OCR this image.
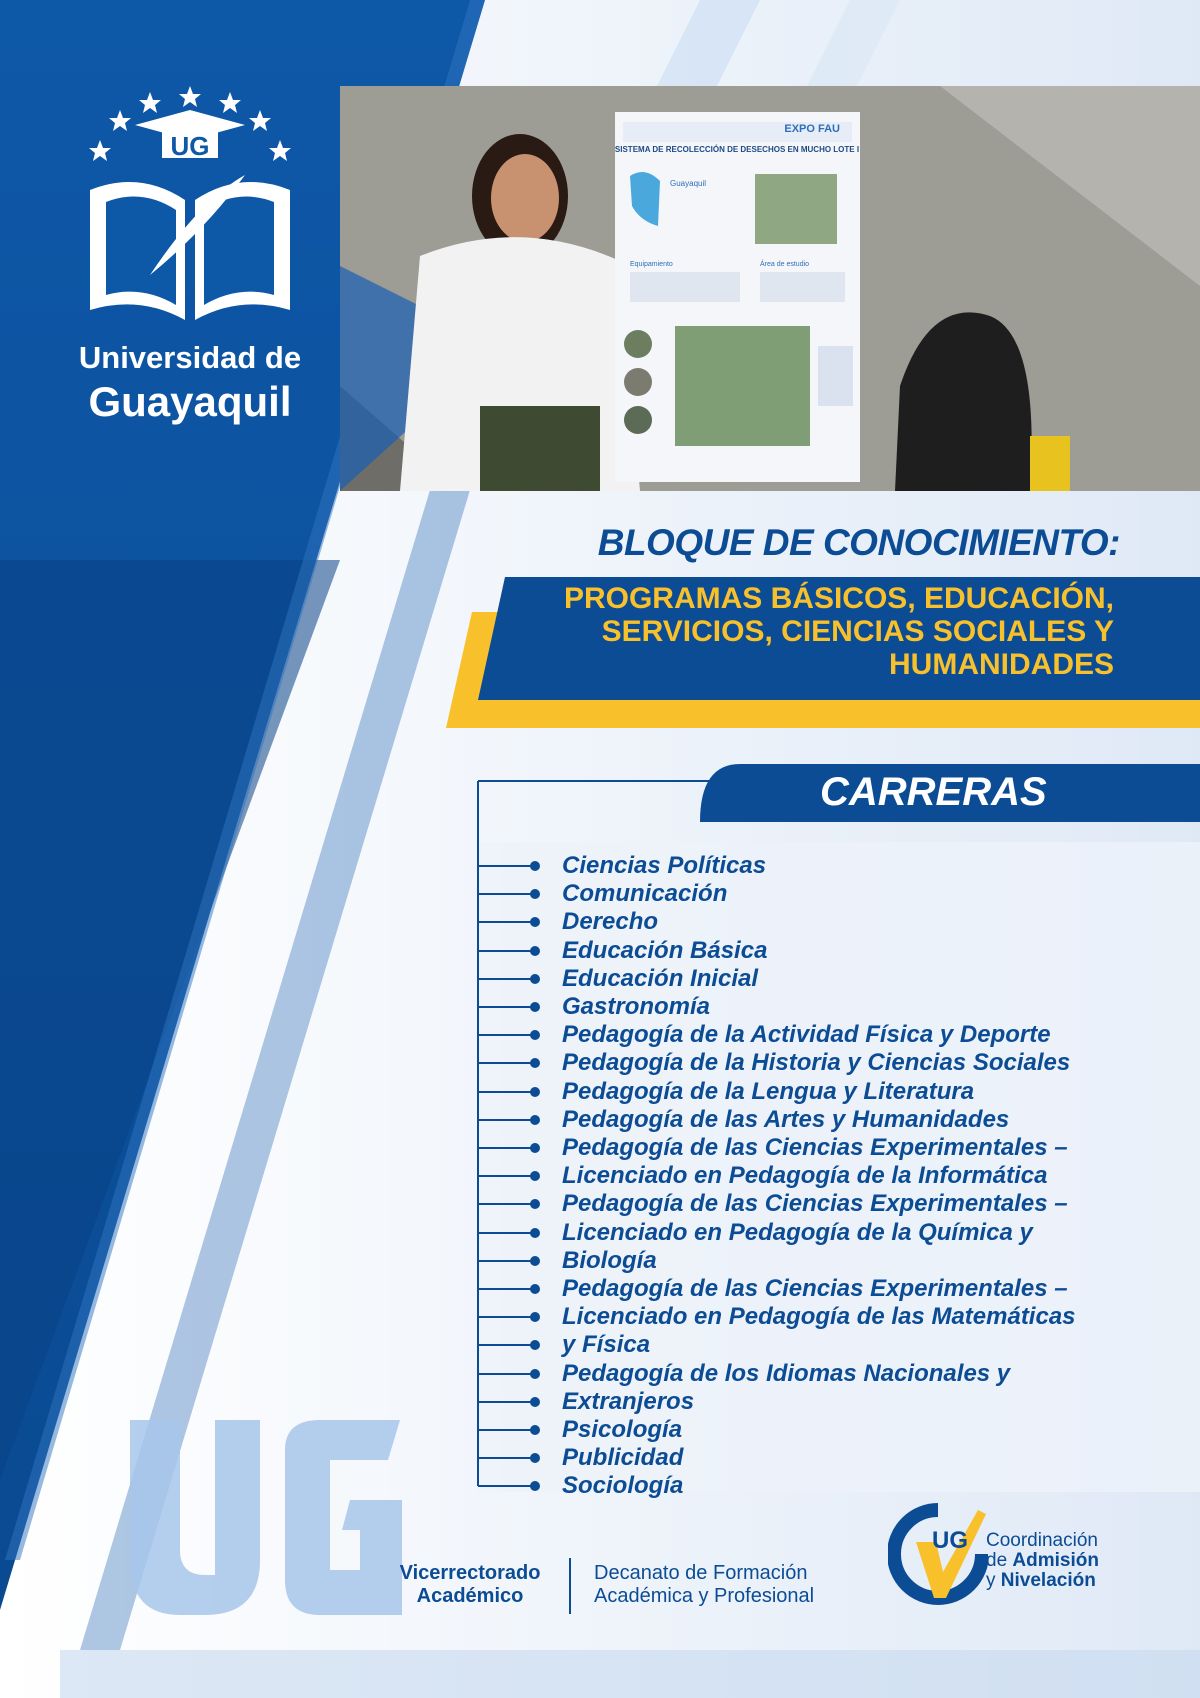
UG
Universidad de
Guayaquil
SISTEMA DE RECOLECCIÓN DE DESECHOS EN MUCHO LOTE I
EXPO FAU
Guayaquil
Equipamiento	Área de estudio
BLOQUE DE CONOCIMIENTO:
PROGRAMAS BÁSICOS, EDUCACIÓN,
SERVICIOS, CIENCIAS SOCIALES Y
HUMANIDADES
CARRERAS
Ciencias Políticas
Comunicación
Derecho
Educación Básica
Educación Inicial
Gastronomía
Pedagogía de la Actividad Física y Deporte
Pedagogía de la Historia y Ciencias Sociales
Pedagogía de la Lengua y Literatura
Pedagogía de las Artes y Humanidades
Pedagogía de las Ciencias Experimentales –
Licenciado en Pedagogía de la Informática
Pedagogía de las Ciencias Experimentales –
Licenciado en Pedagogía de la Química y
Biología
Pedagogía de las Ciencias Experimentales –
Licenciado en Pedagogía de las Matemáticas
y Física
Pedagogía de los Idiomas Nacionales y
Extranjeros
Psicología
Publicidad
Sociología
Vicerrectorado
Académico
Decanato de Formación
Académica y Profesional
UG Coordinación
de Admisión
y Nivelación
